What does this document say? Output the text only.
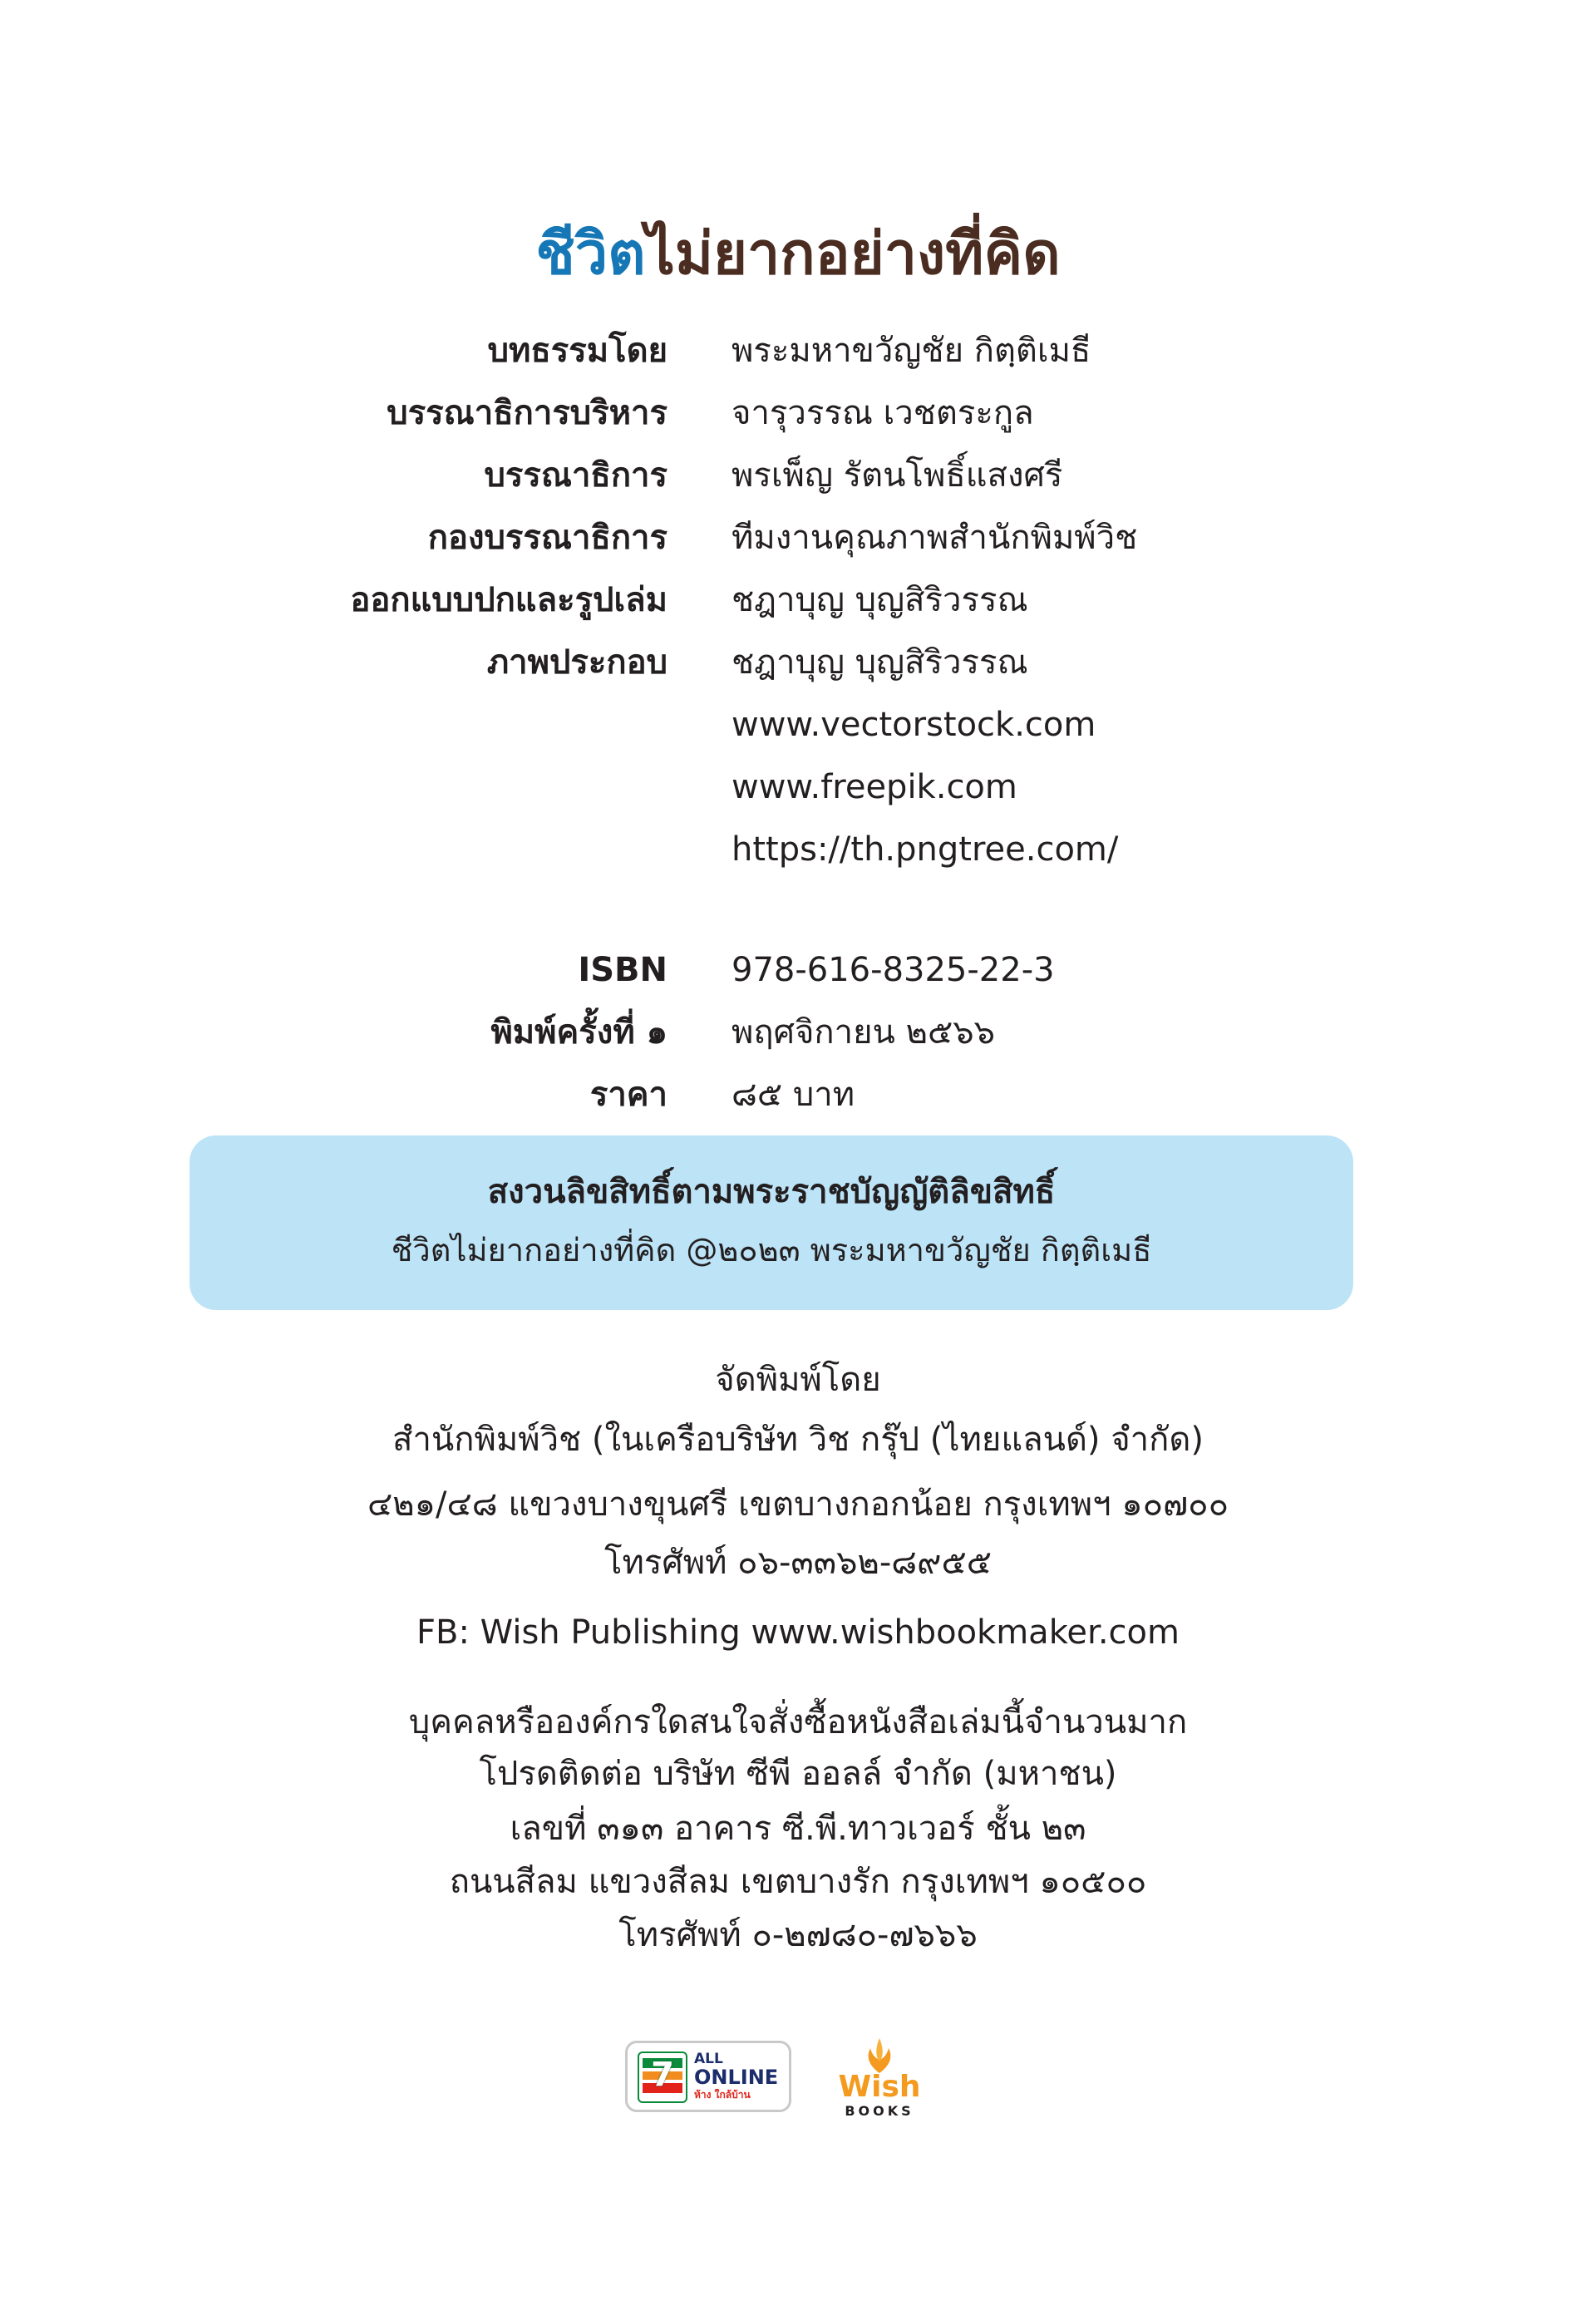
ชีวิตไม่ยากอย่างที่คิด
บทธรรมโดย พระมหาขวัญชัย กิตฺติเมธี
บรรณาธิการบริหาร จารุวรรณ เวชตระกูล
บรรณาธิการ พรเพ็ญ รัตนโพธิ์แสงศรี
กองบรรณาธิการ ทีมงานคุณภาพสำนักพิมพ์วิช
ออกแบบปกและรูปเล่ม ชฎาบุญ บุญสิริวรรณ
ภาพประกอบ ชฎาบุญ บุญสิริวรรณ
www.vectorstock.com
www.freepik.com
https://th.pngtree.com/
ISBN 978-616-8325-22-3
พิมพ์ครั้งที่ ๑ พฤศจิกายน ๒๕๖๖
ราคา ๘๕ บาท
สงวนลิขสิทธิ์ตามพระราชบัญญัติลิขสิทธิ์
ชีวิตไม่ยากอย่างที่คิด @๒๐๒๓ พระมหาขวัญชัย กิตฺติเมธี
จัดพิมพ์โดย
สำนักพิมพ์วิช (ในเครือบริษัท วิช กรุ๊ป (ไทยแลนด์) จำกัด)
๔๒๑/๔๘ แขวงบางขุนศรี เขตบางกอกน้อย กรุงเทพฯ ๑๐๗๐๐
โทรศัพท์ ๐๖-๓๓๖๒-๘๙๕๕
FB: Wish Publishing www.wishbookmaker.com
บุคคลหรือองค์กรใดสนใจสั่งซื้อหนังสือเล่มนี้จำนวนมาก
โปรดติดต่อ บริษัท ซีพี ออลล์ จำกัด (มหาชน)
เลขที่ ๓๑๓ อาคาร ซี.พี.ทาวเวอร์ ชั้น ๒๓
ถนนสีลม แขวงสีลม เขตบางรัก กรุงเทพฯ ๑๐๕๐๐
โทรศัพท์ ๐-๒๗๘๐-๗๖๖๖
7	ALL
ONLINE
ห้าง ใกล้บ้าน	Wish
BOOKS
